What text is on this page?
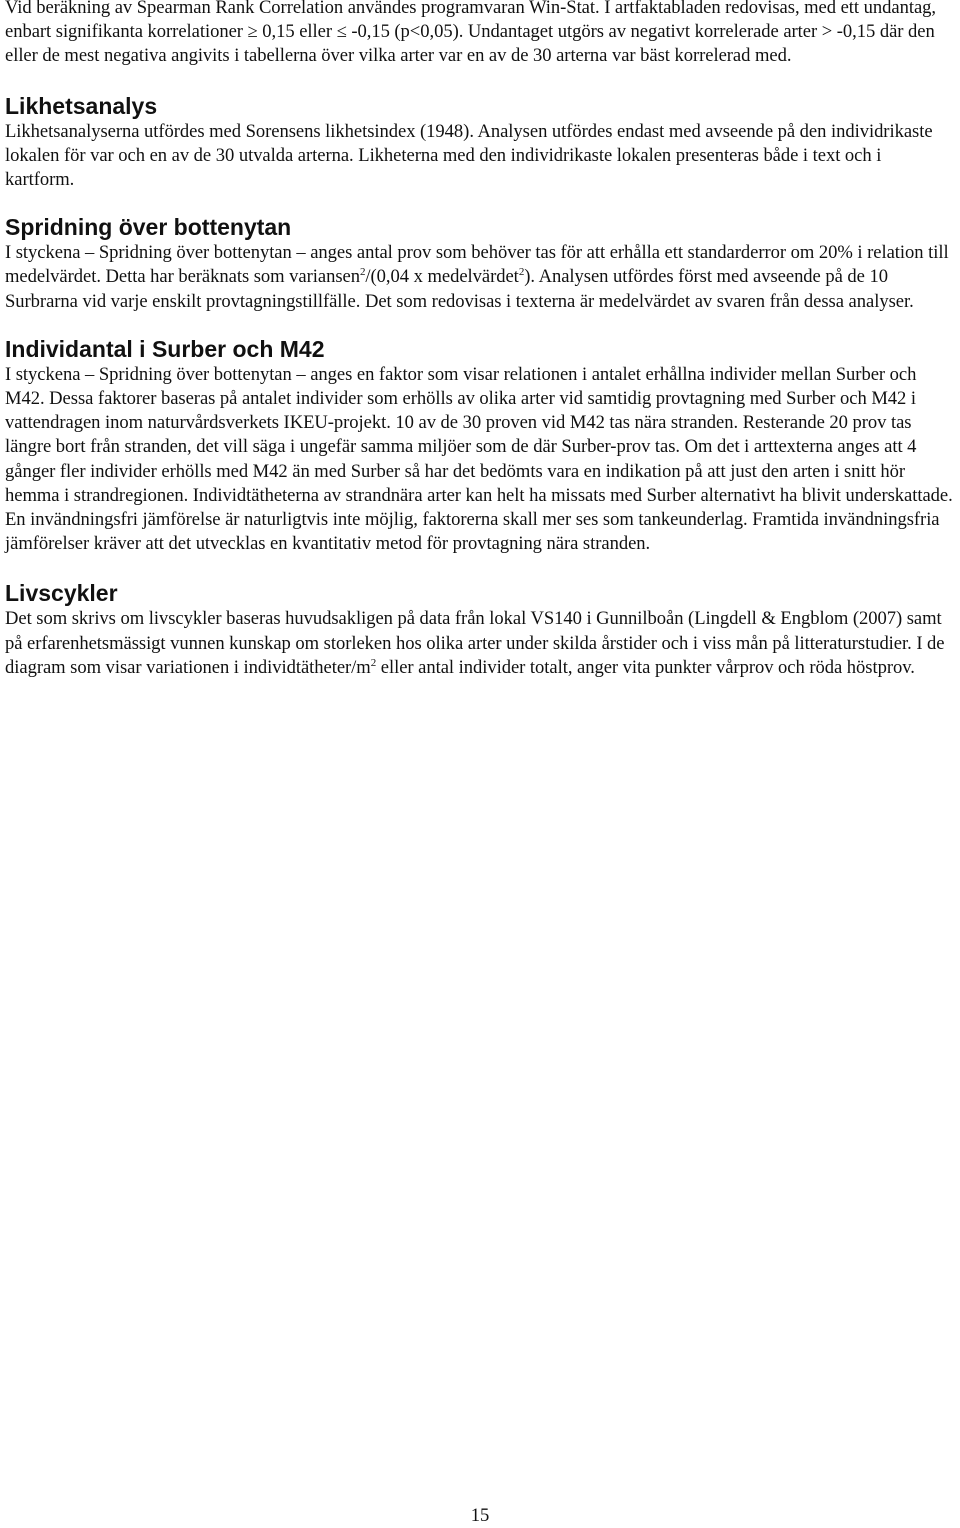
Vid beräkning av Spearman Rank Correlation användes programvaran Win-Stat. I artfaktabladen redovisas, med ett undantag, enbart signifikanta korrelationer ≥ 0,15 eller ≤ -0,15 (p<0,05). Undantaget utgörs av negativt korrelerade arter > -0,15 där den eller de mest negativa angivits i tabellerna över vilka arter var en av de 30 arterna var bäst korrelerad med.

Likhetsanalys

Likhetsanalyserna utfördes med Sorensens likhetsindex (1948). Analysen utfördes endast med avseende på den individrikaste lokalen för var och en av de 30 utvalda arterna. Likheterna med den individrikaste lokalen presenteras både i text och i kartform.

Spridning över bottenytan

I styckena – Spridning över bottenytan – anges antal prov som behöver tas för att erhålla ett standarderror om 20% i relation till medelvärdet. Detta har beräknats som variansen$^2$/(0,04 x medelvärdet$^2$). Analysen utfördes först med avseende på de 10 Surbrarna vid varje enskilt provtagningstillfälle. Det som redovisas i texterna är medelvärdet av svaren från dessa analyser.

Individantal i Surber och M42

I styckena – Spridning över bottenytan – anges en faktor som visar relationen i antalet erhållna individer mellan Surber och M42. Dessa faktorer baseras på antalet individer som erhölls av olika arter vid samtidig provtagning med Surber och M42 i vattendragen inom naturvårdsverkets IKEU-projekt. 10 av de 30 proven vid M42 tas nära stranden. Resterande 20 prov tas längre bort från stranden, det vill säga i ungefär samma miljöer som de där Surber-prov tas. Om det i arttexterna anges att 4 gånger fler individer erhölls med M42 än med Surber så har det bedömts vara en indikation på att just den arten i snitt hör hemma i strandregionen. Individtätheterna av strandnära arter kan helt ha missats med Surber alternativt ha blivit underskattade. En invändningsfri jämförelse är naturligtvis inte möjlig, faktorerna skall mer ses som tankeunderlag. Framtida invändningsfria jämförelser kräver att det utvecklas en kvantitativ metod för provtagning nära stranden.

Livscykler

Det som skrivs om livscykler baseras huvudsakligen på data från lokal VS140 i Gunnilboån (Lingdell & Engblom (2007) samt på erfarenhetsmässigt vunnen kunskap om storleken hos olika arter under skilda årstider och i viss mån på litteraturstudier. I de diagram som visar variationen i individtätheter/$m^2$ eller antal individer totalt, anger vita punkter vårprov och röda höstprov.

15
